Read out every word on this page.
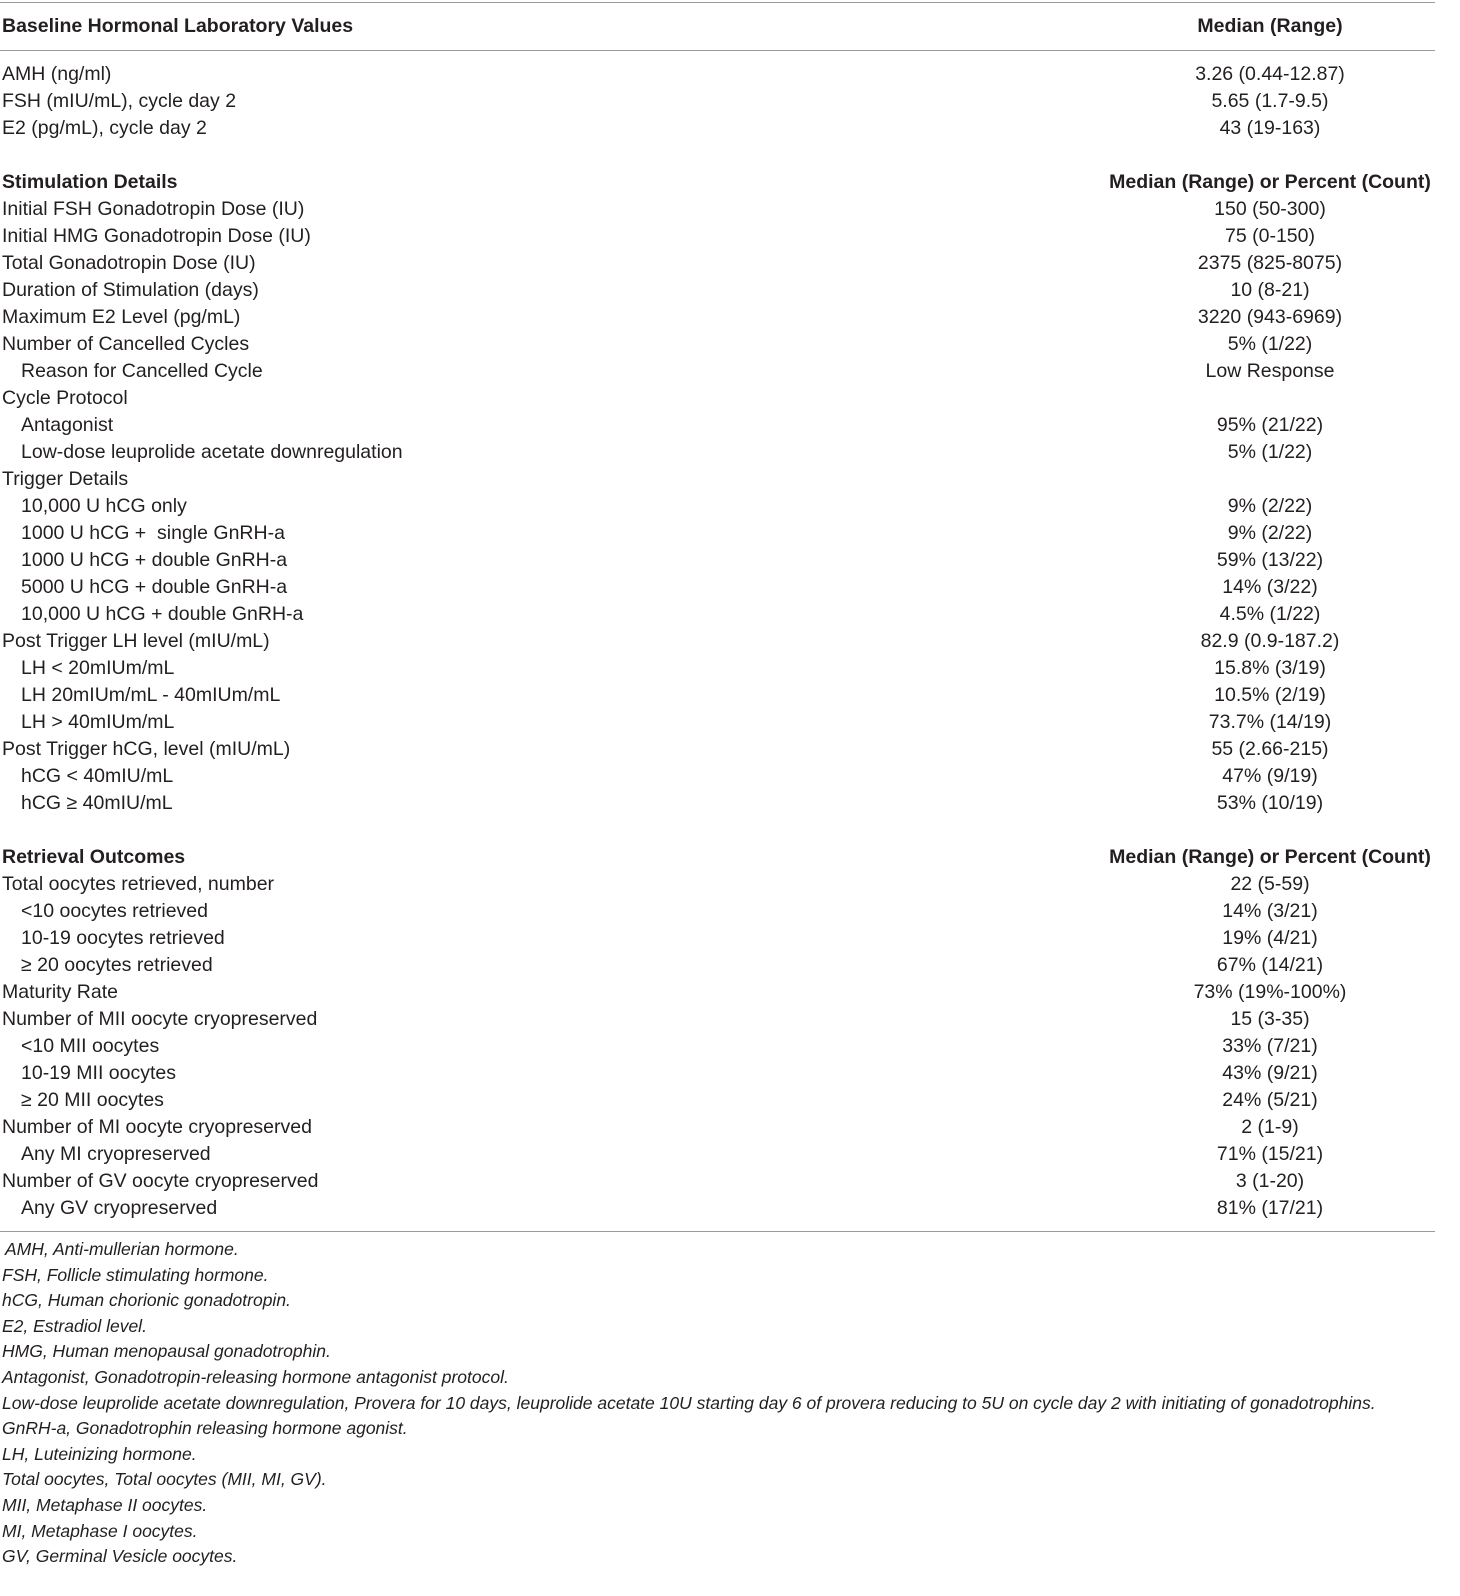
Baseline Hormonal Laboratory Values	Median (Range)
AMH (ng/ml)	3.26 (0.44-12.87)
FSH (mIU/mL), cycle day 2	5.65 (1.7-9.5)
E2 (pg/mL), cycle day 2	43 (19-163)
Stimulation Details	Median (Range) or Percent (Count)
Initial FSH Gonadotropin Dose (IU)	150 (50-300)
Initial HMG Gonadotropin Dose (IU)	75 (0-150)
Total Gonadotropin Dose (IU)	2375 (825-8075)
Duration of Stimulation (days)	10 (8-21)
Maximum E2 Level (pg/mL)	3220 (943-6969)
Number of Cancelled Cycles	5% (1/22)
Reason for Cancelled Cycle	Low Response
Cycle Protocol
Antagonist	95% (21/22)
Low-dose leuprolide acetate downregulation	5% (1/22)
Trigger Details
10,000 U hCG only	9% (2/22)
1000 U hCG +  single GnRH-a	9% (2/22)
1000 U hCG + double GnRH-a	59% (13/22)
5000 U hCG + double GnRH-a	14% (3/22)
10,000 U hCG + double GnRH-a	4.5% (1/22)
Post Trigger LH level (mIU/mL)	82.9 (0.9-187.2)
LH < 20mIUm/mL	15.8% (3/19)
LH 20mIUm/mL - 40mIUm/mL	10.5% (2/19)
LH > 40mIUm/mL	73.7% (14/19)
Post Trigger hCG, level (mIU/mL)	55 (2.66-215)
hCG < 40mIU/mL	47% (9/19)
hCG ≥ 40mIU/mL	53% (10/19)
Retrieval Outcomes	Median (Range) or Percent (Count)
Total oocytes retrieved, number	22 (5-59)
<10 oocytes retrieved	14% (3/21)
10-19 oocytes retrieved	19% (4/21)
≥ 20 oocytes retrieved	67% (14/21)
Maturity Rate	73% (19%-100%)
Number of MII oocyte cryopreserved	15 (3-35)
<10 MII oocytes	33% (7/21)
10-19 MII oocytes	43% (9/21)
≥ 20 MII oocytes	24% (5/21)
Number of MI oocyte cryopreserved	2 (1-9)
Any MI cryopreserved	71% (15/21)
Number of GV oocyte cryopreserved	3 (1-20)
Any GV cryopreserved	81% (17/21)
AMH, Anti-mullerian hormone.
FSH, Follicle stimulating hormone.
hCG, Human chorionic gonadotropin.
E2, Estradiol level.
HMG, Human menopausal gonadotrophin.
Antagonist, Gonadotropin-releasing hormone antagonist protocol.
Low-dose leuprolide acetate downregulation, Provera for 10 days, leuprolide acetate 10U starting day 6 of provera reducing to 5U on cycle day 2 with initiating of gonadotrophins.
GnRH-a, Gonadotrophin releasing hormone agonist.
LH, Luteinizing hormone.
Total oocytes, Total oocytes (MII, MI, GV).
MII, Metaphase II oocytes.
MI, Metaphase I oocytes.
GV, Germinal Vesicle oocytes.
